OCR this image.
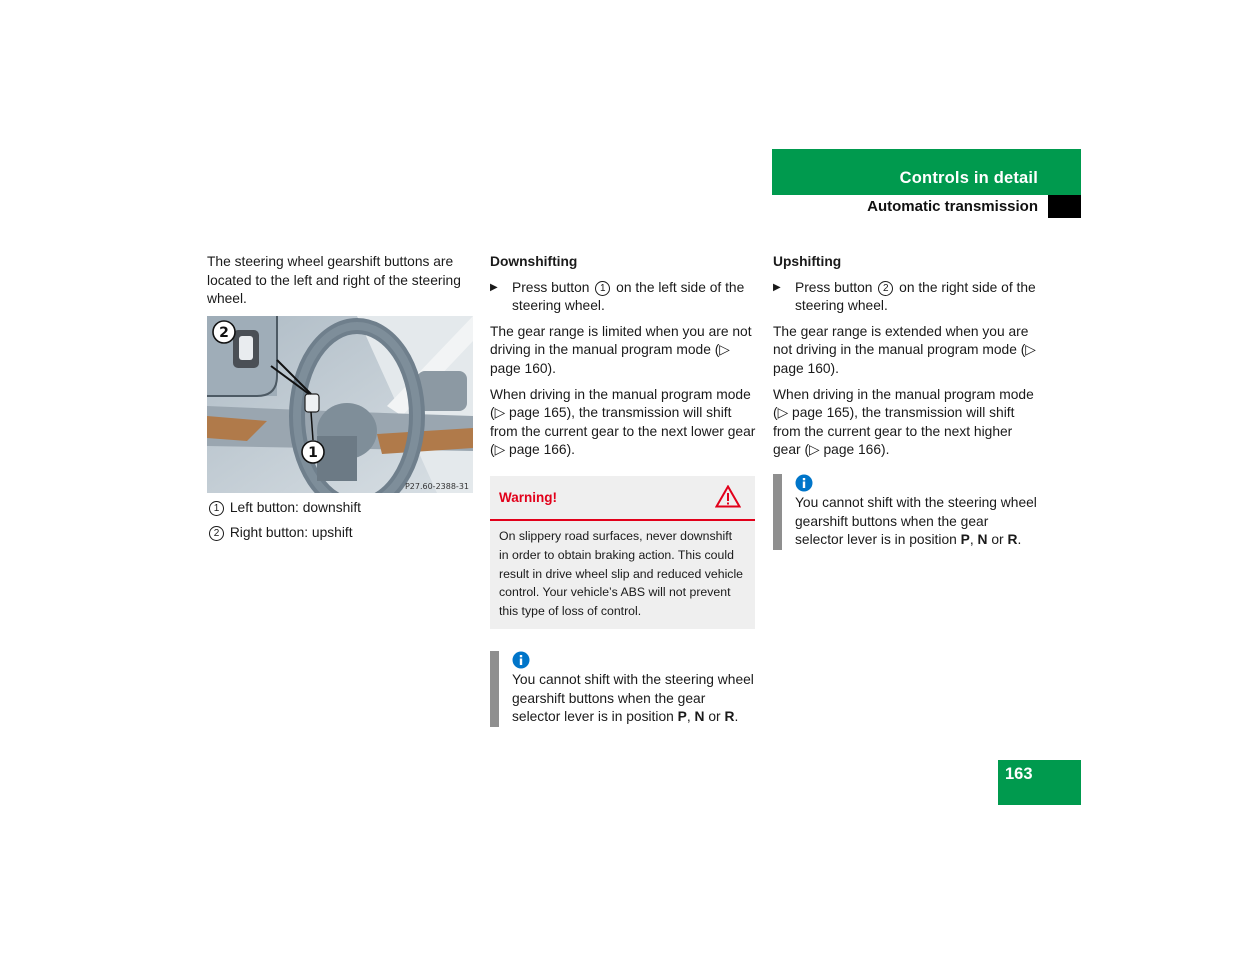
Controls in detail
Automatic transmission

The steering wheel gearshift buttons are located to the left and right of the steering wheel.

2
1
P27.60-2388-31

1 Left button: downshift

2 Right button: upshift

Downshifting

▶	Press button 1 on the left side of the steering wheel.

The gear range is limited when you are not driving in the manual program mode (▷ page 160).

When driving in the manual program mode (▷ page 165), the transmission will shift from the current gear to the next lower gear (▷ page 166).

Warning!
On slippery road surfaces, never downshift in order to obtain braking action. This could result in drive wheel slip and reduced vehicle control. Your vehicle’s ABS will not prevent this type of loss of control.

You cannot shift with the steering wheel gearshift buttons when the gear selector lever is in position P, N or R.

Upshifting

▶	Press button 2 on the right side of the steering wheel.

The gear range is extended when you are not driving in the manual program mode (▷ page 160).

When driving in the manual program mode (▷ page 165), the transmission will shift from the current gear to the next higher gear (▷ page 166).

You cannot shift with the steering wheel gearshift buttons when the gear selector lever is in position P, N or R.

163
